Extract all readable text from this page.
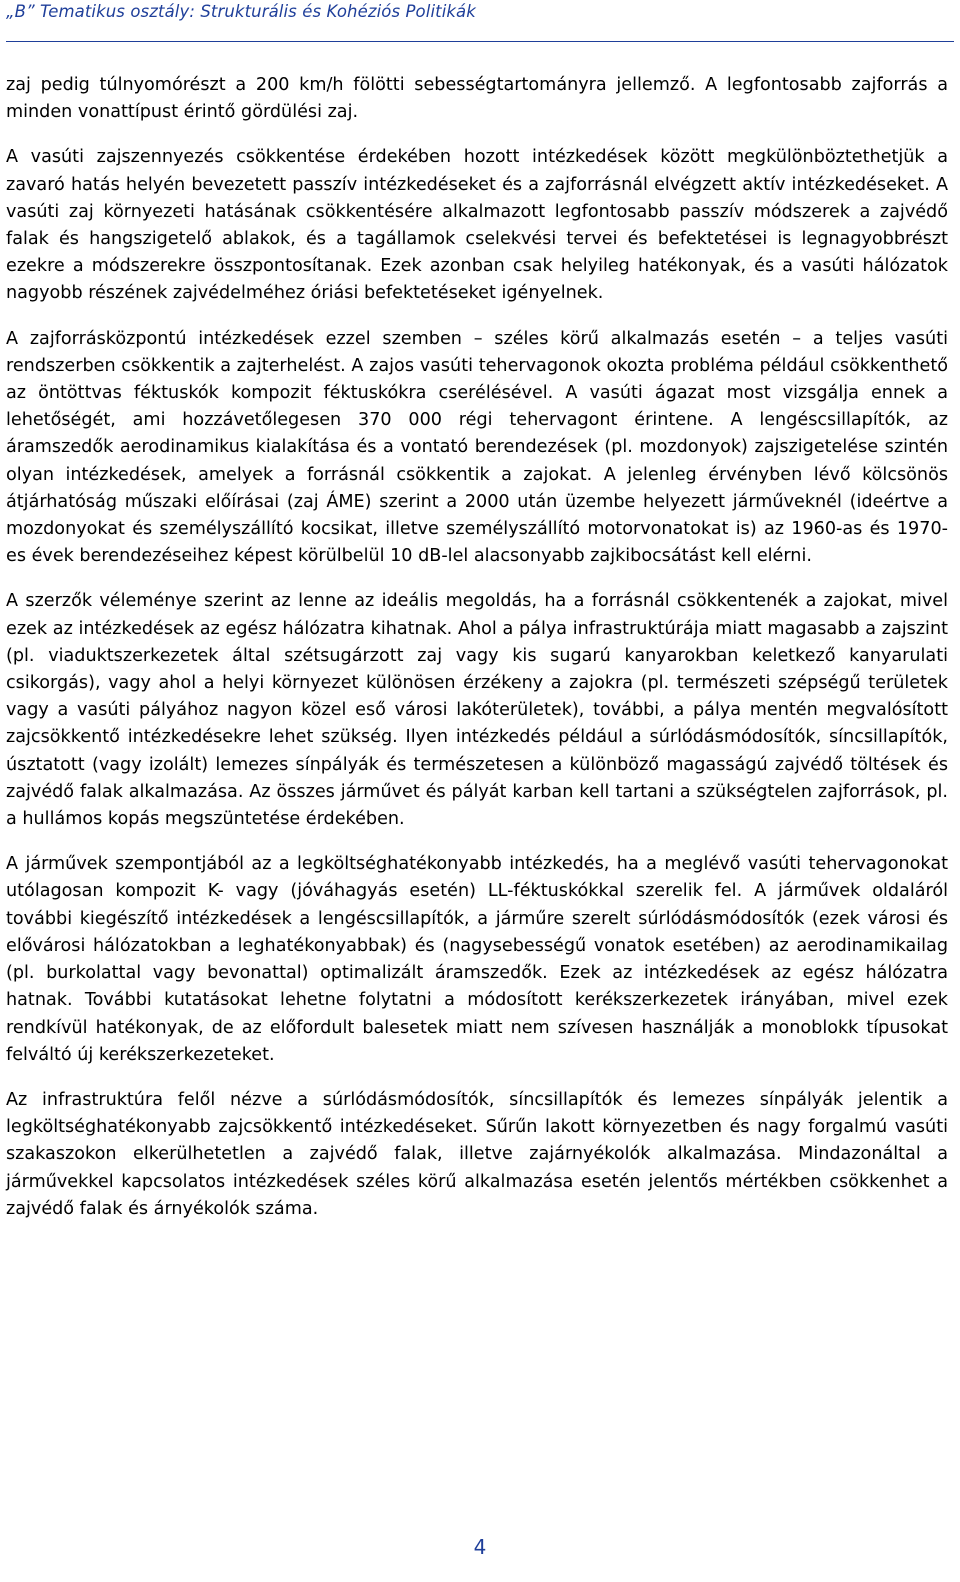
„B” Tematikus osztály: Strukturális és Kohéziós Politikák

zaj pedig túlnyomórészt a 200 km/h fölötti sebességtartományra jellemző. A legfontosabb zajforrás a minden vonattípust érintő gördülési zaj.

A vasúti zajszennyezés csökkentése érdekében hozott intézkedések között megkülönböztethetjük a zavaró hatás helyén bevezetett passzív intézkedéseket és a zajforrásnál elvégzett aktív intézkedéseket. A vasúti zaj környezeti hatásának csökkentésére alkalmazott legfontosabb passzív módszerek a zajvédő falak és hangszigetelő ablakok, és a tagállamok cselekvési tervei és befektetései is legnagyobbrészt ezekre a módszerekre összpontosítanak. Ezek azonban csak helyileg hatékonyak, és a vasúti hálózatok nagyobb részének zajvédelméhez óriási befektetéseket igényelnek.

A zajforrásközpontú intézkedések ezzel szemben – széles körű alkalmazás esetén – a teljes vasúti rendszerben csökkentik a zajterhelést. A zajos vasúti tehervagonok okozta probléma például csökkenthető az öntöttvas féktuskók kompozit féktuskókra cserélésével. A vasúti ágazat most vizsgálja ennek a lehetőségét, ami hozzávetőlegesen 370 000 régi tehervagont érintene. A lengéscsillapítók, az áramszedők aerodinamikus kialakítása és a vontató berendezések (pl. mozdonyok) zajszigetelése szintén olyan intézkedések, amelyek a forrásnál csökkentik a zajokat. A jelenleg érvényben lévő kölcsönös átjárhatóság műszaki előírásai (zaj ÁME) szerint a 2000 után üzembe helyezett járműveknél (ideértve a mozdonyokat és személyszállító kocsikat, illetve személyszállító motorvonatokat is) az 1960-as és 1970-es évek berendezéseihez képest körülbelül 10 dB-lel alacsonyabb zajkibocsátást kell elérni.

A szerzők véleménye szerint az lenne az ideális megoldás, ha a forrásnál csökkentenék a zajokat, mivel ezek az intézkedések az egész hálózatra kihatnak. Ahol a pálya infrastruktúrája miatt magasabb a zajszint (pl. viaduktszerkezetek által szétsugárzott zaj vagy kis sugarú kanyarokban keletkező kanyarulati csikorgás), vagy ahol a helyi környezet különösen érzékeny a zajokra (pl. természeti szépségű területek vagy a vasúti pályához nagyon közel eső városi lakóterületek), további, a pálya mentén megvalósított zajcsökkentő intézkedésekre lehet szükség. Ilyen intézkedés például a súrlódásmódosítók, síncsillapítók, úsztatott (vagy izolált) lemezes sínpályák és természetesen a különböző magasságú zajvédő töltések és zajvédő falak alkalmazása. Az összes járművet és pályát karban kell tartani a szükségtelen zajforrások, pl. a hullámos kopás megszüntetése érdekében.

A járművek szempontjából az a legköltséghatékonyabb intézkedés, ha a meglévő vasúti tehervagonokat utólagosan kompozit K- vagy (jóváhagyás esetén) LL-féktuskókkal szerelik fel. A járművek oldaláról további kiegészítő intézkedések a lengéscsillapítók, a járműre szerelt súrlódásmódosítók (ezek városi és elővárosi hálózatokban a leghatékonyabbak) és (nagysebességű vonatok esetében) az aerodinamikailag (pl. burkolattal vagy bevonattal) optimalizált áramszedők. Ezek az intézkedések az egész hálózatra hatnak. További kutatásokat lehetne folytatni a módosított kerékszerkezetek irányában, mivel ezek rendkívül hatékonyak, de az előfordult balesetek miatt nem szívesen használják a monoblokk típusokat felváltó új kerékszerkezeteket.

Az infrastruktúra felől nézve a súrlódásmódosítók, síncsillapítók és lemezes sínpályák jelentik a legköltséghatékonyabb zajcsökkentő intézkedéseket. Sűrűn lakott környezetben és nagy forgalmú vasúti szakaszokon elkerülhetetlen a zajvédő falak, illetve zajárnyékolók alkalmazása. Mindazonáltal a járművekkel kapcsolatos intézkedések széles körű alkalmazása esetén jelentős mértékben csökkenhet a zajvédő falak és árnyékolók száma.

4
